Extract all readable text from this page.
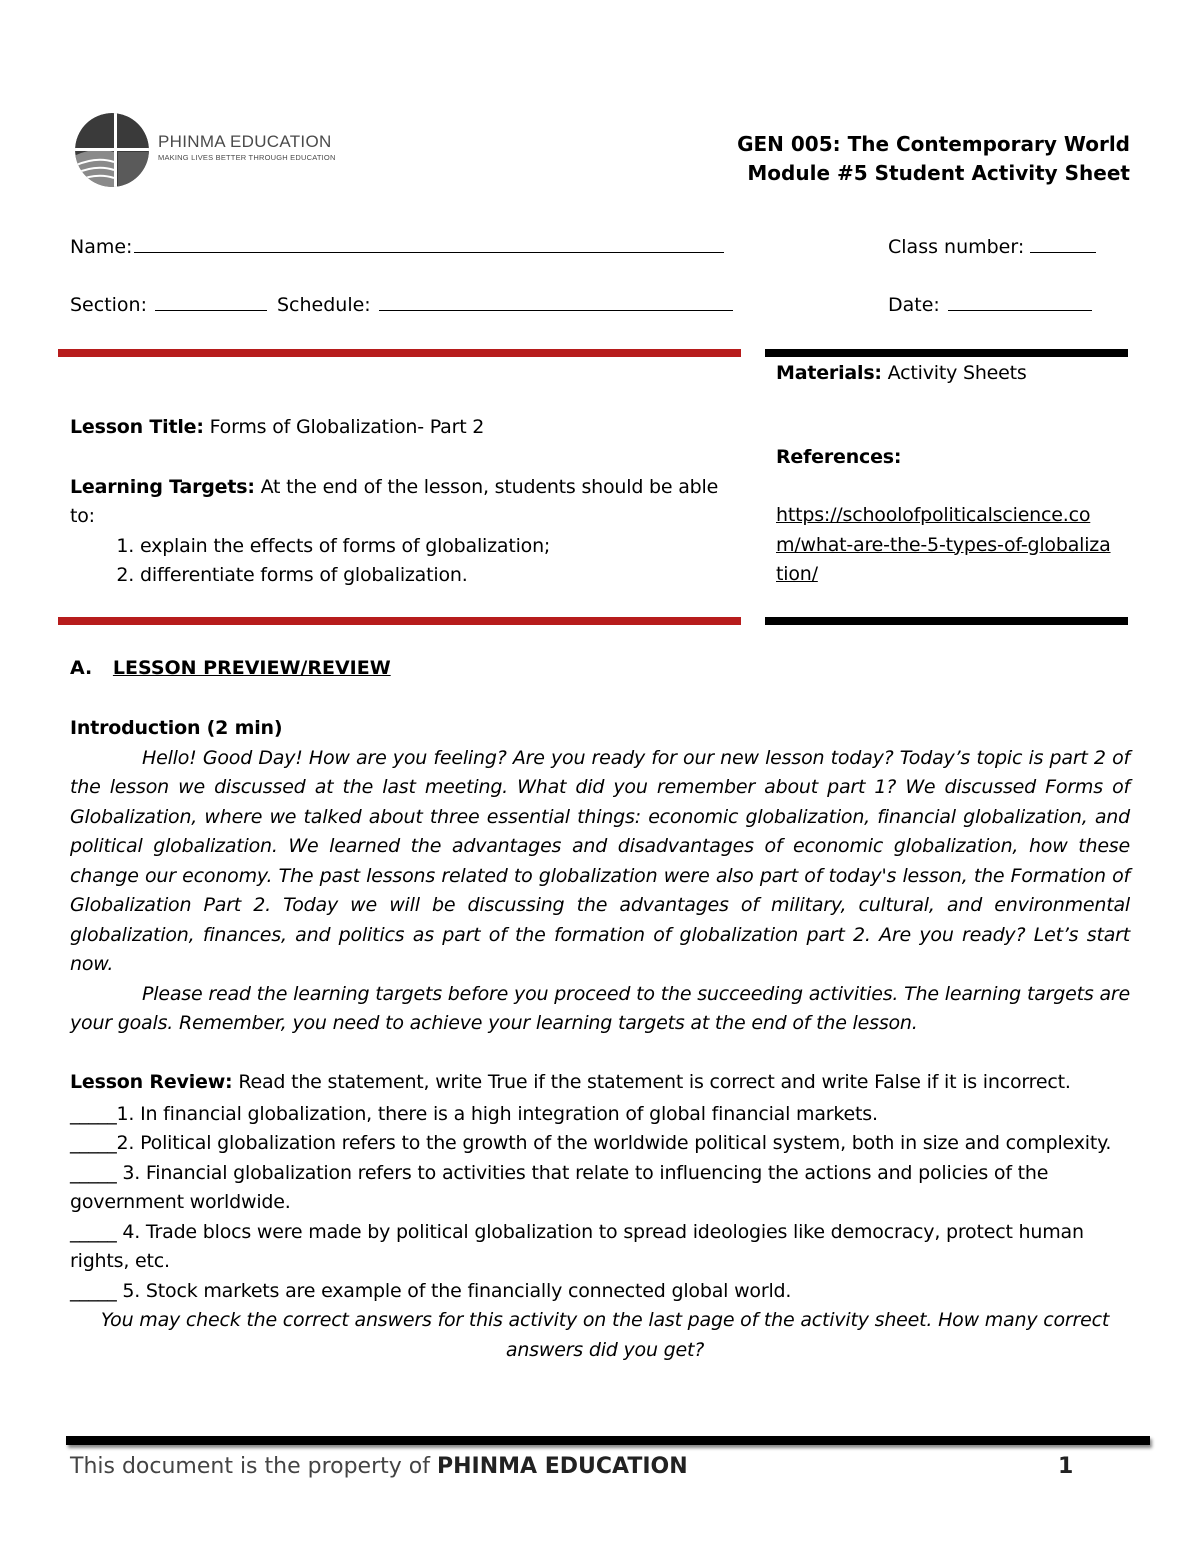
PHINMA EDUCATION
MAKING LIVES BETTER THROUGH EDUCATION
GEN 005: The Contemporary World
Module #5 Student Activity Sheet
Name:	Class number:
Section:	Schedule:	Date:
Lesson Title: Forms of Globalization- Part 2
Learning Targets: At the end of the lesson, students should be able to:
1. explain the effects of forms of globalization;
2. differentiate forms of globalization.
Materials: Activity Sheets
References:
https://schoolofpoliticalscience.com/what-are-the-5-types-of-globalization/
A. LESSON PREVIEW/REVIEW
Introduction (2 min)

Hello! Good Day! How are you feeling? Are you ready for our new lesson today? Today’s topic is part 2 of the lesson we discussed at the last meeting. What did you remember about part 1? We discussed Forms of Globalization, where we talked about three essential things: economic globalization, financial globalization, and political globalization. We learned the advantages and disadvantages of economic globalization, how these change our economy. The past lessons related to globalization were also part of today's lesson, the Formation of Globalization Part 2. Today we will be discussing the advantages of military, cultural, and environmental globalization, finances, and politics as part of the formation of globalization part 2. Are you ready? Let’s start now.

Please read the learning targets before you proceed to the succeeding activities. The learning targets are your goals. Remember, you need to achieve your learning targets at the end of the lesson.

Lesson Review: Read the statement, write True if the statement is correct and write False if it is incorrect.

_____1. In financial globalization, there is a high integration of global financial markets.

_____2. Political globalization refers to the growth of the worldwide political system, both in size and complexity.

_____ 3. Financial globalization refers to activities that relate to influencing the actions and policies of the government worldwide.

_____ 4. Trade blocs were made by political globalization to spread ideologies like democracy, protect human rights, etc.

_____ 5. Stock markets are example of the financially connected global world.

You may check the correct answers for this activity on the last page of the activity sheet. How many correct answers did you get?
This document is the property of PHINMA EDUCATION	1
